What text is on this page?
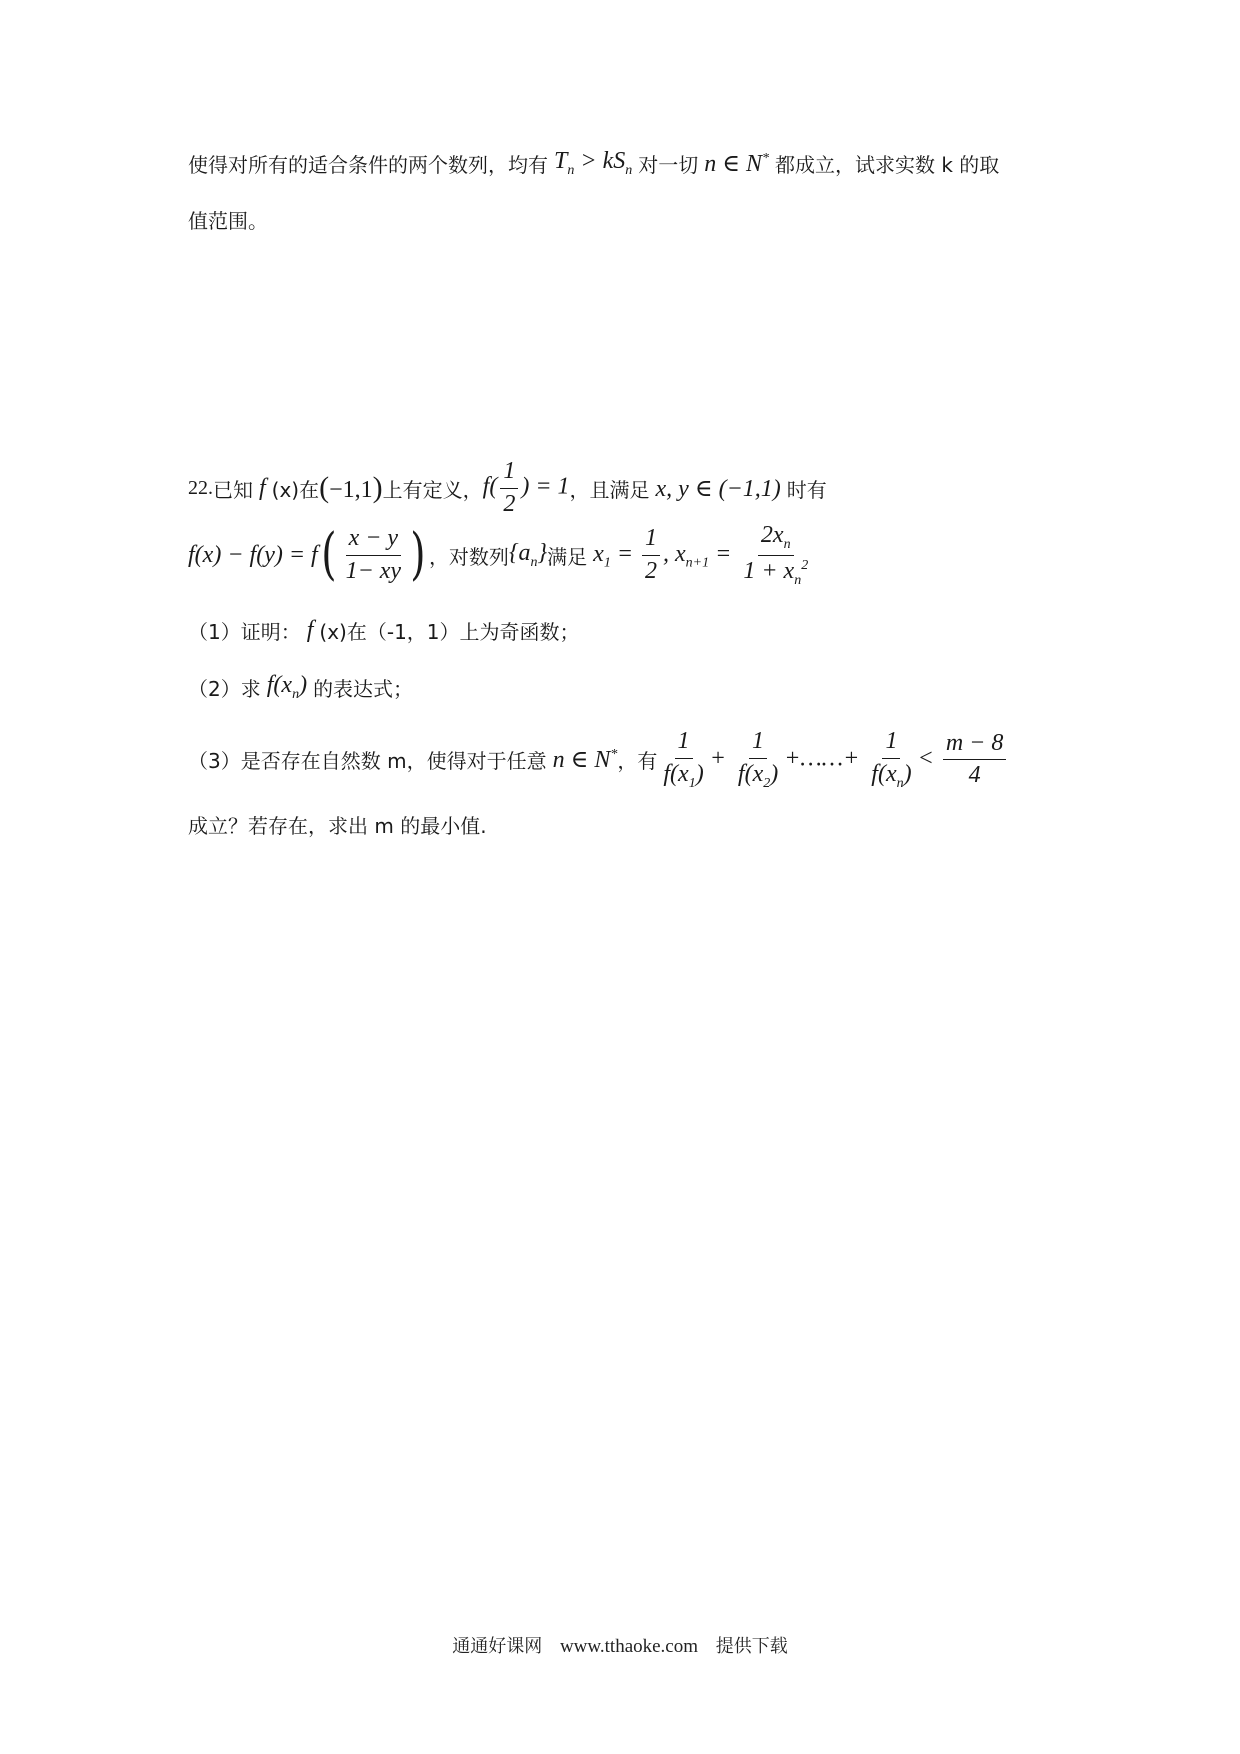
使得对所有的适合条件的两个数列，均有 $T_n > kS_n$ 对一切 n ∈ N* 都成立，试求实数 k 的取
值范围。
22. 已知 f (x)在 (−1,1) 上有定义， $f( \frac{1}{2}$ ) = 1 ，且满足 x, y ∈ (−1,1) 时有
f(x) − f(y) = f ( $\frac{x - y}{1- xy}$ ) ，对数列 $\{a_n\}$ 满足 $x_1 = \frac{1}{2}$ , $x_{n+1} = \frac{2x_n}{1 + x_n^2}$
（1）证明： f (x)在（-1，1）上为奇函数；
（2）求 $f(x_n)$ 的表达式；
（3）是否存在自然数 m，使得对于任意 n ∈ N* ，有 $\frac{1}{f(x_1)} + \frac{1}{f(x_2)}$ +……+ $\frac{1}{f(x_n)} < \frac{m - 8}{4}$
成立？若存在，求出 m 的最小值.
通通好课网 www.tthaoke.com 提供下载
